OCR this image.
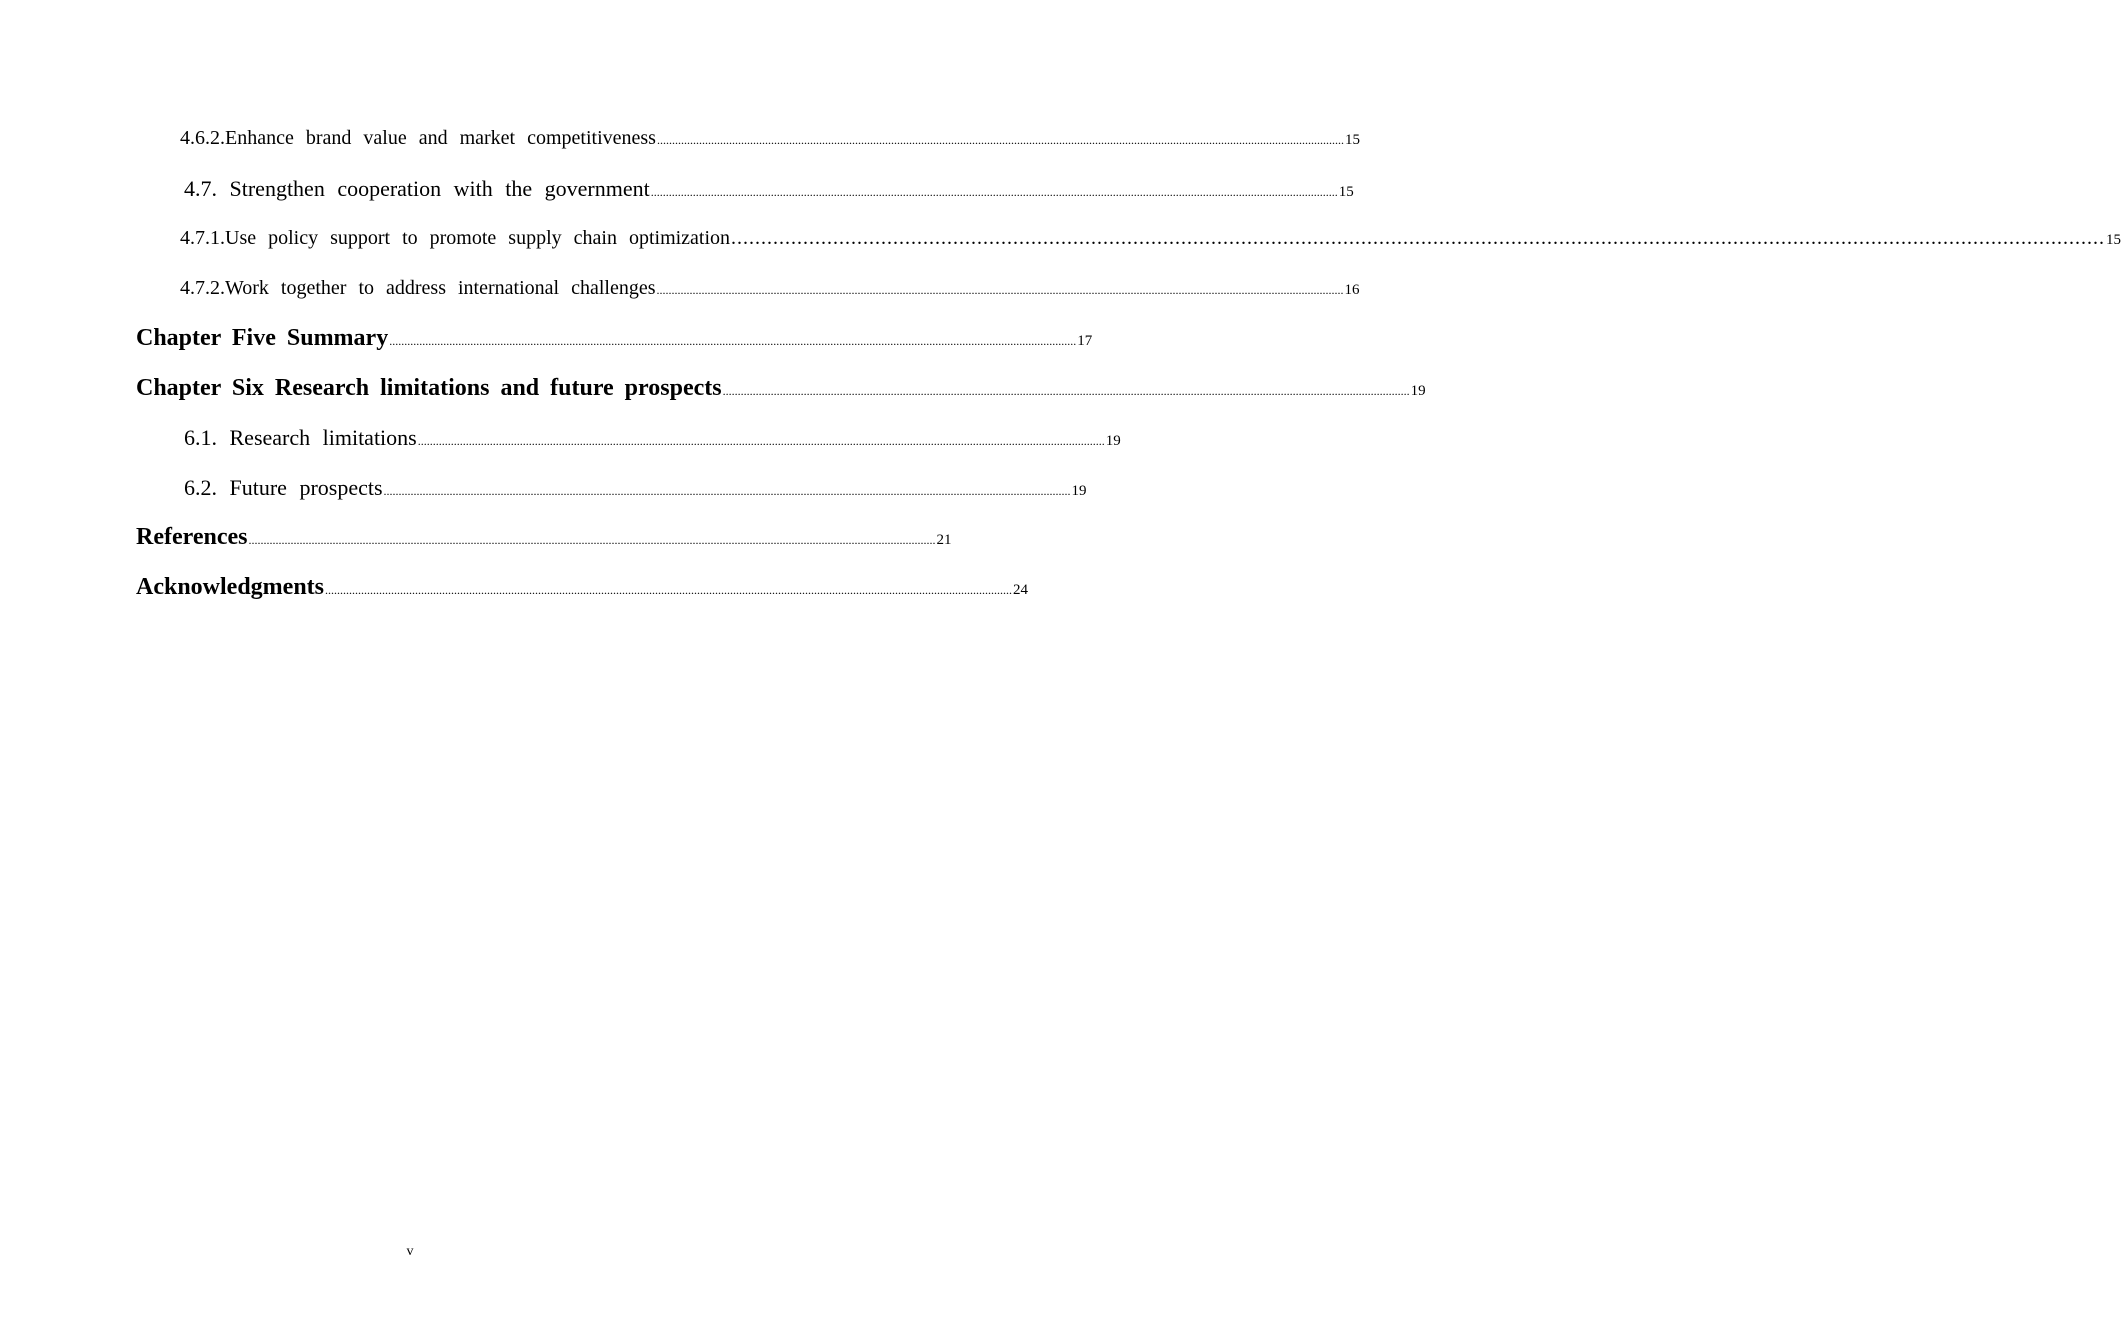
4.6.2.Enhance brand value and market competitiveness ..................................................................................................................................................................................................................................... 15
4.7. Strengthen cooperation with the government ..................................................................................................................................................................................................................................... 15
4.7.1.Use policy support to promote supply chain optimization ..................................................................................................................................................................................................................................... 15
4.7.2.Work together to address international challenges ..................................................................................................................................................................................................................................... 16
Chapter Five Summary ..................................................................................................................................................................................................................................... 17
Chapter Six Research limitations and future prospects ..................................................................................................................................................................................................................................... 19
6.1. Research limitations ..................................................................................................................................................................................................................................... 19
6.2. Future prospects ..................................................................................................................................................................................................................................... 19
References ..................................................................................................................................................................................................................................... 21
Acknowledgments ..................................................................................................................................................................................................................................... 24
v
